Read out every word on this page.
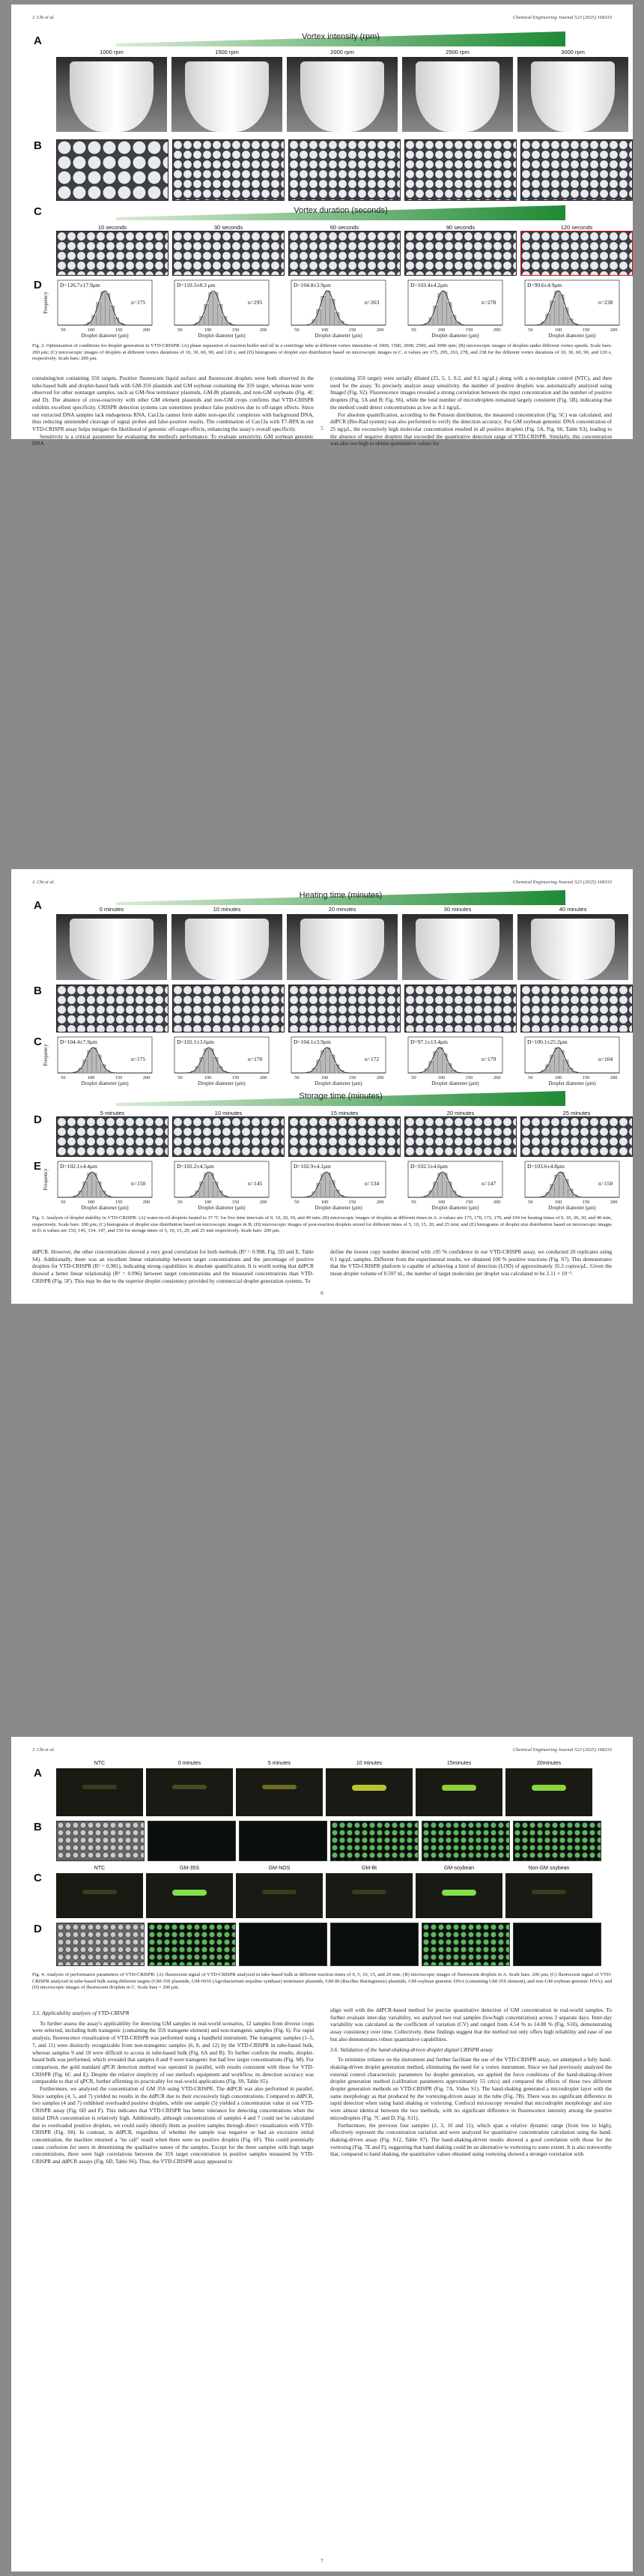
J. Chi et al.	Chemical Engineering Journal 523 (2025) 168333
A	Vortex intensity (rpm)
1000 rpm	1500 rpm	2000 rpm	2500 rpm	3000 rpm
B
C	Vortex duration (seconds)
10 seconds	30 seconds	60 seconds	90 seconds	120 seconds
D	D=126.7±17.9μm
n=175
50	100	150	200
Droplet diameter (μm)
Frequency
D=110.3±8.3 μm
n=295
50	100	150	200
Droplet diameter (μm)
D=104.8±3.9μm
n=263
50	100	150	200
Droplet diameter (μm)
D=103.4±4.2μm
n=278
50	100	150	200
Droplet diameter (μm)
D=99.6±4.9μm
n=238
50	100	150	200
Droplet diameter (μm)
Fig. 2. Optimization of conditions for droplet generation in VTD-CRISPR: (A) phase separation of reaction buffer and oil in a centrifuge tube at different vortex intensities of 1000, 1500, 2000, 2500, and 3000 rpm; (B) microscopic images of droplets under different vortex speeds. Scale bars: 200 μm; (C) microscopic images of droplets at different vortex durations of 10, 30, 60, 90, and 120 s; and (D) histograms of droplet size distribution based on microscopic images in C. n values are 175, 295, 263, 278, and 238 for the different vortex durations of 10, 30, 60, 90, and 120 s, respectively. Scale bars: 200 μm.

containing/not containing 35S targets. Positive fluorescent liquid surface and fluorescent droplets were both observed in the tube-based bulk and droplet-based bulk with GM-35S plasmids and GM soybean containing the 35S target, whereas none were observed for other nontarget samples, such as GM-Nos terminator plasmids, GM-Bt plasmids, and non-GM soybeans (Fig. 4C and D). The absence of cross-reactivity with other GM element plasmids and non-GM crops confirms that VTD-CRISPR exhibits excellent specificity. CRISPR detection systems can sometimes produce false positives due to off-target effects. Since our extracted DNA samples lack endogenous RNA, Cas13a cannot form stable non-specific complexes with background DNA, thus reducing unintended cleavage of signal probes and false-positive results. The combination of Cas13a with T7-RPA in our VTD-CRISPR assay helps mitigate the likelihood of genomic off-target effects, enhancing the assay's overall specificity.

Sensitivity is a critical parameter for evaluating the method's performance. To evaluate sensitivity, GM soybean genomic DNA

(containing 35S target) were serially diluted (25, 5, 1, 0.2, and 0.1 ng/μL) along with a no-template control (NTC), and then used for the assay. To precisely analyze assay sensitivity, the number of positive droplets was automatically analyzed using ImageJ (Fig. S2). Fluorescence images revealed a strong correlation between the input concentration and the number of positive droplets (Fig. 5A and B; Fig. S6), while the total number of microdroplets remained largely consistent (Fig. 5B), indicating that the method could detect concentrations as low as 0.1 ng/μL.

For absolute quantification, according to the Poisson distribution, the measured concentration (Fig. 5C) was calculated, and ddPCR (Bio-Rad system) was also performed to verify the detection accuracy. For GM soybean genomic DNA concentration of 25 ng/μL, the excessively high molecular concentration resulted in all positive droplets (Fig. 5A, Fig. S6, Table S3), leading to the absence of negative droplets that exceeded the quantitative detection range of VTD-CRISPR. Similarly, this concentration was also too high to obtain quantitative values for

5
J. Chi et al.	Chemical Engineering Journal 523 (2025) 168333
A
Heating time (minutes)
0 minutes	10 minutes	20 minutes	30 minutes	40 minutes
B
C	D=104.4±7.9μm
n=175
50	100	150	200
Droplet diameter (μm)
Frequency
D=102.1±3.6μm
n=170
50	100	150	200
Droplet diameter (μm)
D=104.1±3.9μm
n=172
50	100	150	200
Droplet diameter (μm)
D=97.1±13.4μm
n=179
50	100	150	200
Droplet diameter (μm)
D=100.1±25.2μm
n=104
50	100	150	200
Droplet diameter (μm)
Storage time (minutes)
D
5 minutes	10 minutes	15 minutes	20 minutes	25 minutes
E	D=102.1±4.4μm
n=150
50	100	150	200
Droplet diameter (μm)
Frequency
D=102.2±4.5μm
n=145
50	100	150	200
Droplet diameter (μm)
D=102.9±4.1μm
n=134
50	100	150	200
Droplet diameter (μm)
D=102.5±4.6μm
n=147
50	100	150	200
Droplet diameter (μm)
D=103.6±4.8μm
n=150
50	100	150	200
Droplet diameter (μm)
Fig. 3. Analysis of droplet stability in VTD-CRISPR: (A) water-in-oil droplets heated to 37 °C for five time intervals of 0, 10, 20, 30, and 40 min; (B) microscopic images of droplets at different times in A. n values are 175, 170, 172, 179, and 104 for heating times of 0, 10, 20, 30, and 40 min, respectively. Scale bars: 200 μm; (C) histograms of droplet size distribution based on microscopic images in B; (D) microscopic images of post-reaction droplets stored for different times of 5, 10, 15, 20, and 25 min; and (E) histograms of droplet size distribution based on microscopic images in D. n values are 150, 145, 134, 147, and 150 for storage times of 5, 10, 15, 20, and 25 min respectively. Scale bars: 200 μm.

ddPCR. However, the other concentrations showed a very good correlation for both methods (R² = 0.998, Fig. 5D and E, Table S4). Additionally, there was an excellent linear relationship between target concentrations and the percentage of positive droplets for VTD-CRISPR (R² = 0.981), indicating strong capabilities in absolute quantification. It is worth noting that ddPCR showed a better linear relationship (R² = 0.996) between target concentrations and the measured concentrations than VTD-CRISPR (Fig. 5F). This may be due to the superior droplet consistency provided by commercial droplet generation systems. To

define the lowest copy number detected with ≥95 % confidence in our VTD-CRISPR assay, we conducted 20 replicates using 0.1 ng/μL samples. Different from the experimental results, we obtained 100 % positive reactions (Fig. S7). This demonstrates that the VTD-CRISPR platform is capable of achieving a limit of detection (LOD) of approximately 35.3 copies/μL. Given the mean droplet volume of 0.597 nL, the number of target molecules per droplet was calculated to be 2.11 × 10⁻².

6
J. Chi et al.	Chemical Engineering Journal 523 (2025) 168333
A
NTC	0 minutes	5 minutes	10 minutes	15minutes	20minutes
B
C
NTC	GM-35S	GM-NOS	GM-Bt	GM-soybean	Non-GM soybean
D
Fig. 4. Analysis of performance parameters of VTD-CRISPR: (A) fluorescent signal of VTD-CRISPR analyzed in tube-based bulk at different reaction times of 0, 5, 10, 15, and 20 min; (B) microscopic images of fluorescent droplets in A. Scale bars: 200 μm; (C) fluorescent signal of VTD-CRISPR analyzed in tube-based bulk using different targets (GM-35S plasmids, GM-NOS (Agrobacterium nopaline synthase) terminator plasmids, GM-Bt (Bacillus thuringiensis) plasmids, GM-soybean genomic DNA (containing GM-35S element), and non-GM soybean genomic DNA); and (D) microscopic images of fluorescent droplets in C. Scale bars = 200 μm.
3.5. Applicability analysis of VTD-CRISPR

To further assess the assay's applicability for detecting GM samples in real-world scenarios, 12 samples from diverse crops were selected, including both transgenic (containing the 35S transgene element) and non-transgenic samples (Fig. 6). For rapid analysis, fluorescence visualization of VTD-CRISPR was performed using a handheld instrument. The transgenic samples (1–5, 7, and 11) were distinctly recognizable from non-transgenic samples (6, 8, and 12) by the VTD-CRISPR in tube-based bulk, whereas samples 9 and 10 were difficult to access in tube-based bulk (Fig. 6A and B). To further confirm the results, droplet-based bulk was performed, which revealed that samples 8 and 9 were transgenic but had low target concentrations (Fig. S8). For comparison, the gold standard qPCR detection method was operated in parallel, with results consistent with those for VTD-CRISPR (Fig. 6C and E). Despite the relative simplicity of our method's equipment and workflow, its detection accuracy was comparable to that of qPCR, further affirming its practicality for real-world applications (Fig. S9, Table S5).

Furthermore, we analyzed the concentration of GM 35S using VTD-CRISPR. The ddPCR was also performed in parallel. Since samples (4, 5, and 7) yielded no results in the ddPCR due to their excessively high concentrations. Compared to ddPCR, two samples (4 and 7) exhibited overloaded positive droplets, while one sample (5) yielded a concentration value in our VTD-CRISPR assay (Fig. 6D and F). This indicates that VTD-CRISPR has better tolerance for detecting concentrations when the initial DNA concentration is relatively high. Additionally, although concentrations of samples 4 and 7 could not be calculated due to overloaded positive droplets, we could easily identify them as positive samples through direct visualization with VTD-CRISPR (Fig. S8). In contrast, in ddPCR, regardless of whether the sample was negative or had an excessive initial concentration, the machine returned a "no call" result when there were no positive droplets (Fig. 6F). This could potentially cause confusion for users in determining the qualitative nature of the samples. Except for the three samples with high target concentrations, there were high correlations between the 35S target concentration in positive samples measured by VTD-CRISPR and ddPCR assays (Fig. 6D, Table S6). Thus, the VTD-CRISPR assay appeared to

align well with the ddPCR-based method for precise quantitative detection of GM concentration in real-world samples. To further evaluate inter-day variability, we analyzed two real samples (low/high concentration) across 3 separate days. Inter-day variability was calculated as the coefficient of variation (CV) and ranged from 4.54 % to 14.88 % (Fig. S10), demonstrating assay consistency over time. Collectively, these findings suggest that the method not only offers high reliability and ease of use but also demonstrates robust quantitative capabilities.

3.6. Validation of the hand-shaking-driven droplet digital CRISPR assay

To minimize reliance on the instrument and further facilitate the use of the VTD-CRISPR assay, we attempted a fully hand-shaking-driven droplet generation method, eliminating the need for a vortex instrument. Since we had previously analyzed the external control characteristic parameters for droplet generation, we applied the force conditions of the hand-shaking-driven droplet generation method (calibration parameters approximately 55 cm/s) and compared the effects of these two different droplet generation methods on VTD-CRISPR (Fig. 7A, Video S1). The hand-shaking generated a microdroplet layer with the same morphology as that produced by the vortexing-driven assay in the tube (Fig. 7B). There was no significant difference in rapid detection when using hand shaking or vortexing. Confocal microscopy revealed that microdroplet morphology and size were almost identical between the two methods, with no significant difference in fluorescence intensity among the positive microdroplets (Fig. 7C and D, Fig. S11).

Furthermore, the previous four samples (2, 3, 10 and 11), which span a relative dynamic range (from low to high), effectively represent the concentration variation and were analyzed for quantitative concentration calculation using the hand-shaking-driven assay (Fig. S12, Table S7). The hand-shaking-driven results showed a good correlation with those for the vortexing (Fig. 7E and F), suggesting that hand shaking could be an alternative to vortexing to some extent. It is also noteworthy that, compared to hand shaking, the quantitative values obtained using vortexing showed a stronger correlation with

7
